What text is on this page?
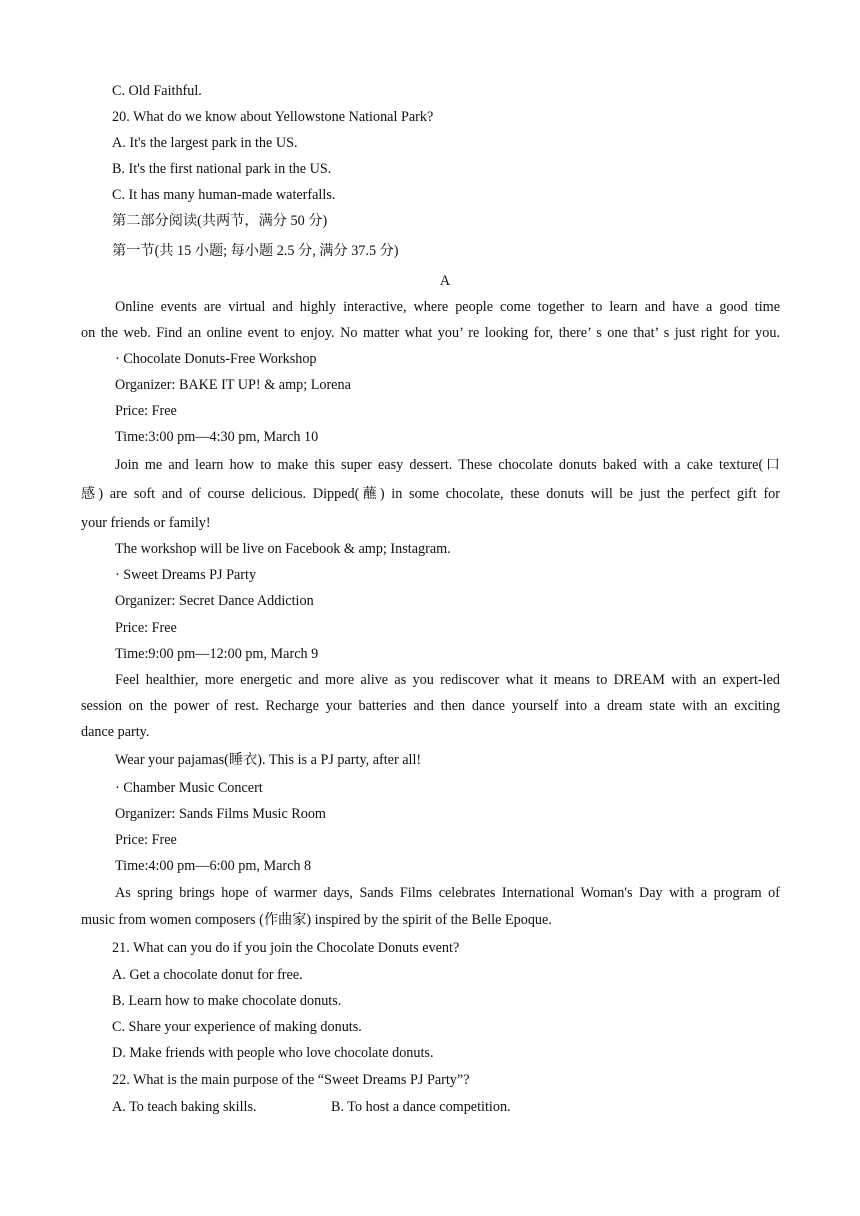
C. Old Faithful.
20. What do we know about Yellowstone National Park?
A. It's the largest park in the US.
B. It's the first national park in the US.
C. It has many human-made waterfalls.
第二部分阅读(共两节，满分 50 分)
第一节(共 15 小题; 每小题 2.5 分, 满分 37.5 分)
A
Online events are virtual and highly interactive, where people come together to learn and have a good time
on the web. Find an online event to enjoy. No matter what you’ re looking for, there’ s one that’ s just right for you.
· Chocolate Donuts-Free Workshop
Organizer: BAKE IT UP! & amp; Lorena
Price: Free
Time:3:00 pm—4:30 pm, March 10
Join me and learn how to make this super easy dessert. These chocolate donuts baked with a cake texture(口
感) are soft and of course delicious. Dipped(蘸) in some chocolate, these donuts will be just the perfect gift for
your friends or family!
The workshop will be live on Facebook & amp; Instagram.
· Sweet Dreams PJ Party
Organizer: Secret Dance Addiction
Price: Free
Time:9:00 pm—12:00 pm, March 9
Feel healthier, more energetic and more alive as you rediscover what it means to DREAM with an expert-led
session on the power of rest. Recharge your batteries and then dance yourself into a dream state with an exciting
dance party.
Wear your pajamas(睡衣). This is a PJ party, after all!
· Chamber Music Concert
Organizer: Sands Films Music Room
Price: Free
Time:4:00 pm—6:00 pm, March 8
As spring brings hope of warmer days, Sands Films celebrates International Woman's Day with a program of
music from women composers (作曲家) inspired by the spirit of the Belle Epoque.
21. What can you do if you join the Chocolate Donuts event?
A. Get a chocolate donut for free.
B. Learn how to make chocolate donuts.
C. Share your experience of making donuts.
D. Make friends with people who love chocolate donuts.
22. What is the main purpose of the “Sweet Dreams PJ Party”?
A. To teach baking skills.	B. To host a dance competition.
